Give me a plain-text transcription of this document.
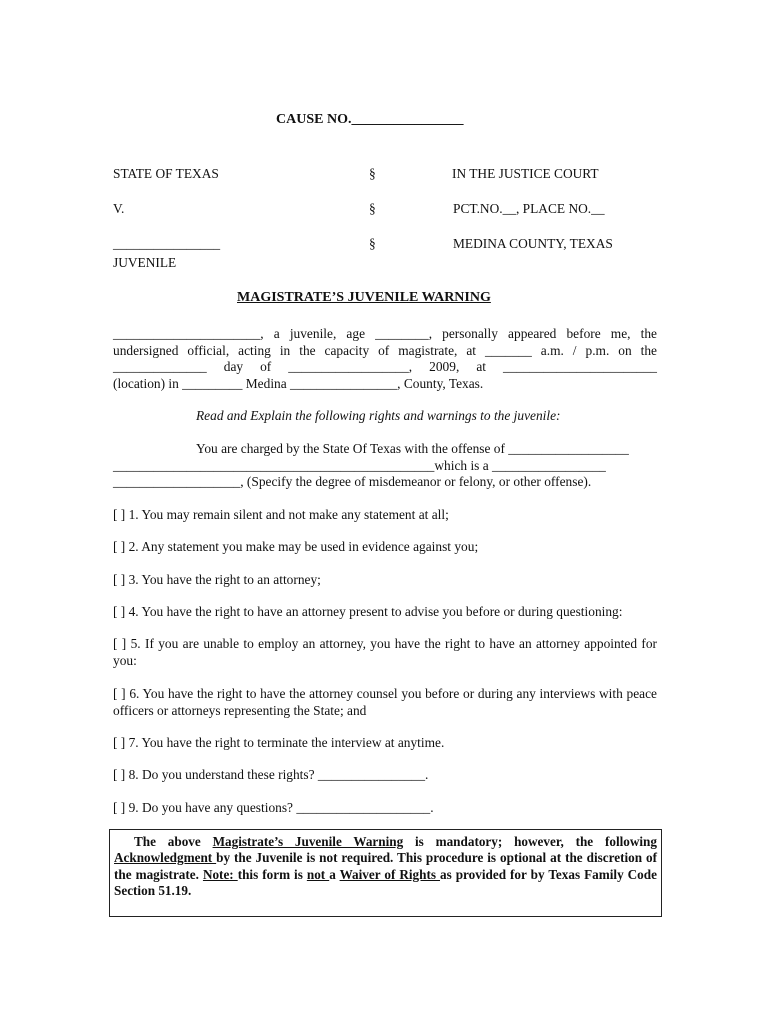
CAUSE NO.________________
STATE OF TEXAS
V.
________________
JUVENILE
§
§
§
IN THE JUSTICE COURT
PCT.NO.__, PLACE NO.__
MEDINA COUNTY, TEXAS
MAGISTRATE’S JUVENILE WARNING
______________________, a juvenile, age ________, personally appeared before me, the
undersigned official, acting in the capacity of magistrate, at _______ a.m. / p.m. on the
______________ day of __________________, 2009, at _______________________
(location) in _________ Medina ________________, County, Texas.
Read and Explain the following rights and warnings to the juvenile:
You are charged by the State Of Texas with the offense of __________________
________________________________________________which is a _________________
___________________, (Specify the degree of misdemeanor or felony, or other offense).
[ ] 1. You may remain silent and not make any statement at all;
[ ] 2. Any statement you make may be used in evidence against you;
[ ] 3. You have the right to an attorney;
[ ] 4. You have the right to have an attorney present to advise you before or during questioning:
[ ] 5. If you are unable to employ an attorney, you have the right to have an attorney appointed for you:
[ ] 6. You have the right to have the attorney counsel you before or during any interviews with peace officers or attorneys representing the State; and
[ ] 7. You have the right to terminate the interview at anytime.
[ ] 8. Do you understand these rights? ________________.
[ ] 9. Do you have any questions? ____________________.
The above Magistrate’s Juvenile Warning is mandatory; however, the following Acknowledgment by the Juvenile is not required. This procedure is optional at the discretion of the magistrate. Note: this form is not a Waiver of Rights as provided for by Texas Family Code Section 51.19.
